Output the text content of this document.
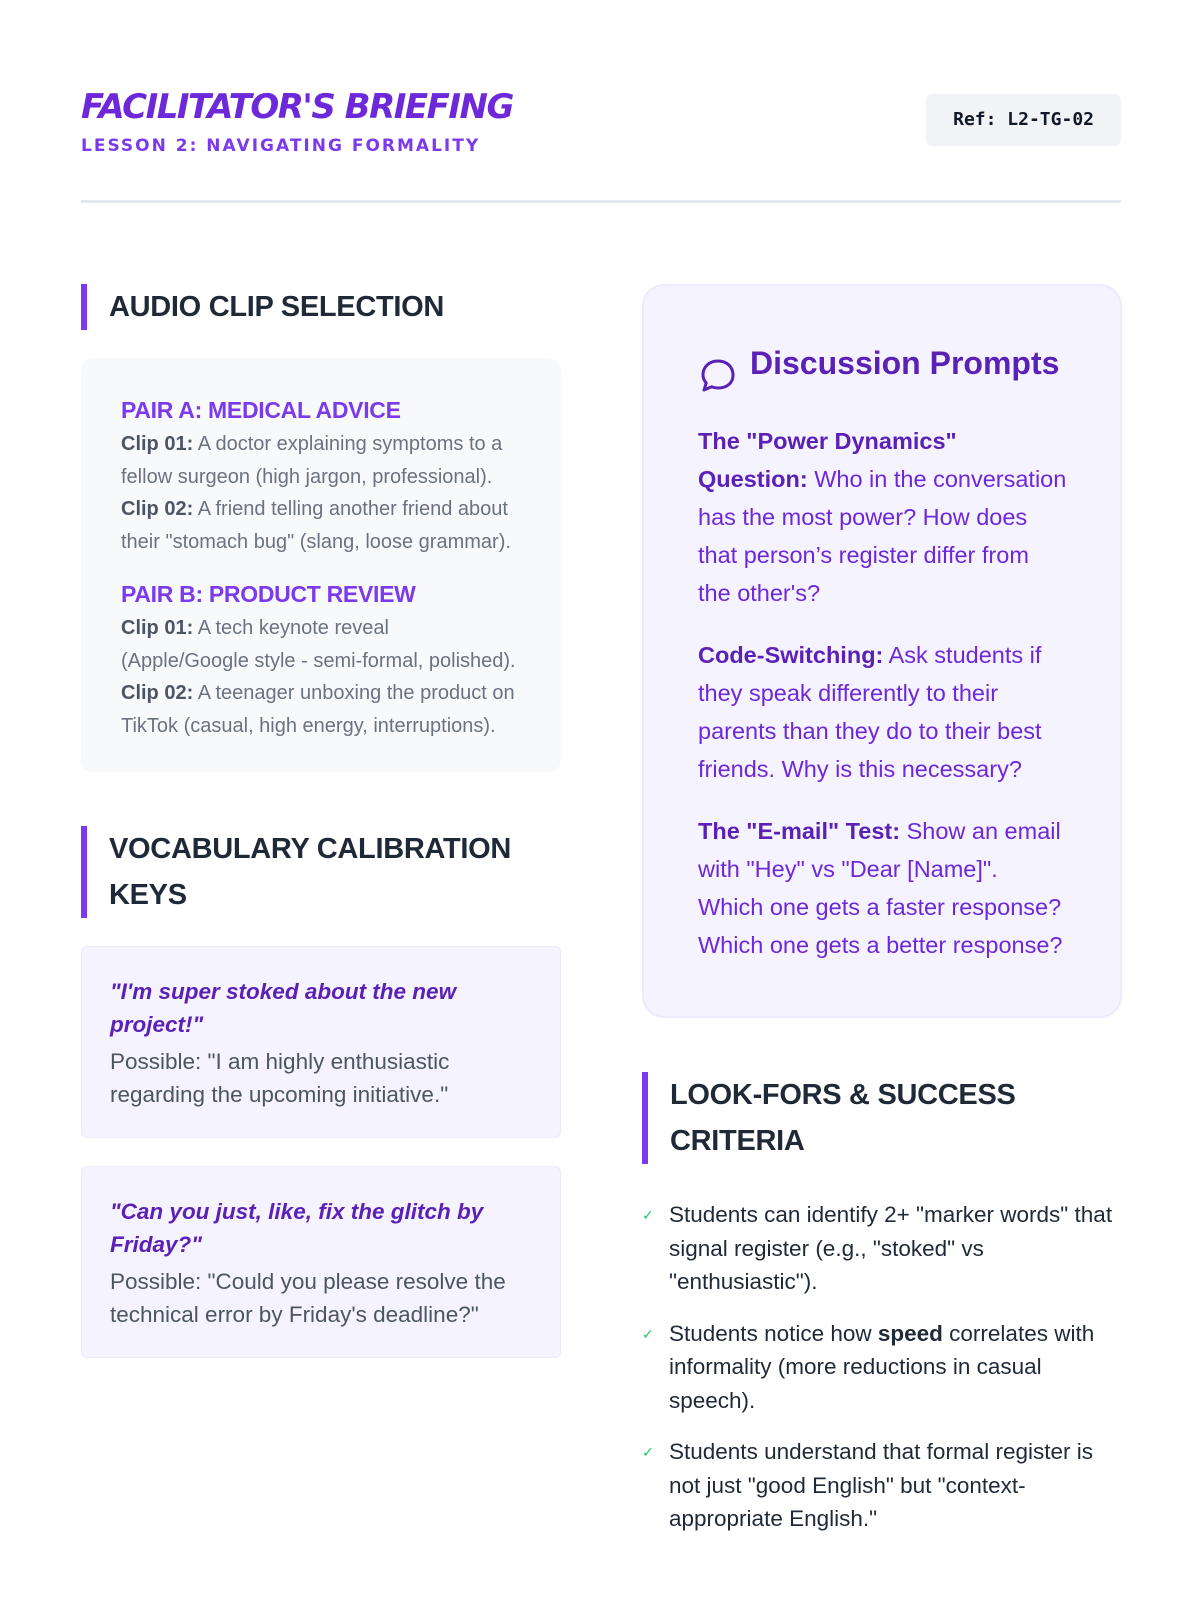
FACILITATOR'S BRIEFING
LESSON 2: NAVIGATING FORMALITY
Ref: L2-TG-02
AUDIO CLIP SELECTION
PAIR A: MEDICAL ADVICE

Clip 01: A doctor explaining symptoms to a fellow surgeon (high jargon, professional).

Clip 02: A friend telling another friend about their "stomach bug" (slang, loose grammar).

PAIR B: PRODUCT REVIEW

Clip 01: A tech keynote reveal (Apple/Google style - semi-formal, polished).

Clip 02: A teenager unboxing the product on TikTok (casual, high energy, interruptions).

VOCABULARY CALIBRATION KEYS

"I'm super stoked about the new project!"

Possible: "I am highly enthusiastic regarding the upcoming initiative."

"Can you just, like, fix the glitch by Friday?"

Possible: "Could you please resolve the technical error by Friday's deadline?"

Discussion Prompts

The "Power Dynamics" Question: Who in the conversation has the most power? How does that person’s register differ from the other's?

Code-Switching: Ask students if they speak differently to their parents than they do to their best friends. Why is this necessary?

The "E-mail" Test: Show an email with "Hey" vs "Dear [Name]". Which one gets a faster response? Which one gets a better response?

LOOK-FORS & SUCCESS CRITERIA
✓ Students can identify 2+ "marker words" that signal register (e.g., "stoked" vs "enthusiastic").
✓ Students notice how speed correlates with informality (more reductions in casual speech).
✓ Students understand that formal register is not just "good English" but "context-appropriate English."
